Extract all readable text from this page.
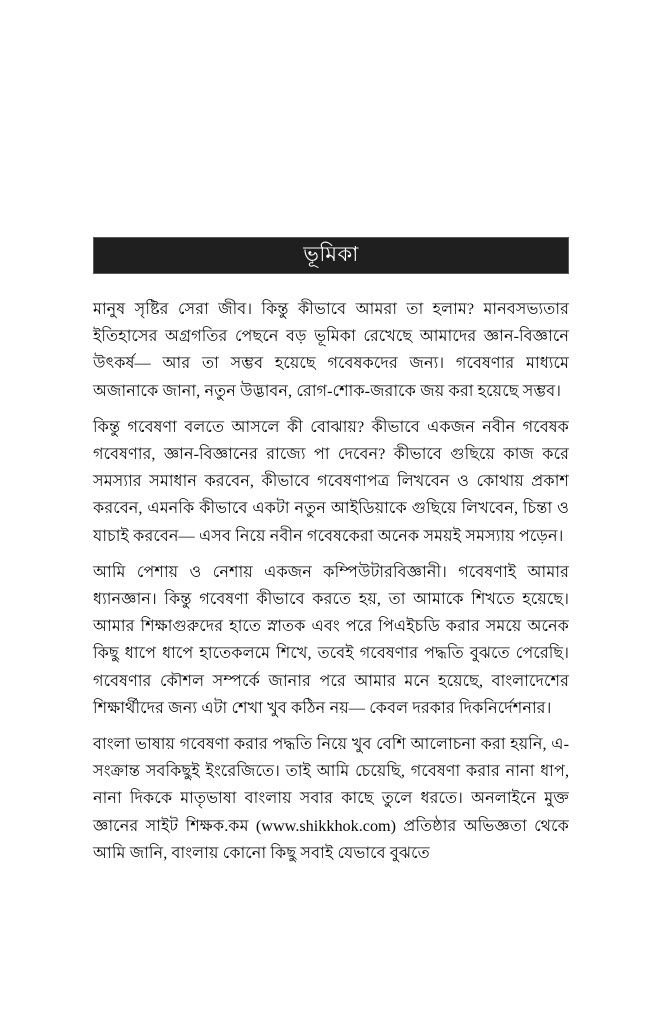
ভূমিকা

মানুষ সৃষ্টির সেরা জীব। কিন্তু কীভাবে আমরা তা হলাম? মানবসভ্যতার ইতিহাসের অগ্রগতির পেছনে বড় ভূমিকা রেখেছে আমাদের জ্ঞান-বিজ্ঞানে উৎকর্ষ— আর তা সম্ভব হয়েছে গবেষকদের জন্য। গবেষণার মাধ্যমে অজানাকে জানা, নতুন উদ্ভাবন, রোগ-শোক-জরাকে জয় করা হয়েছে সম্ভব।

কিন্তু গবেষণা বলতে আসলে কী বোঝায়? কীভাবে একজন নবীন গবেষক গবেষণার, জ্ঞান-বিজ্ঞানের রাজ্যে পা দেবেন? কীভাবে গুছিয়ে কাজ করে সমস্যার সমাধান করবেন, কীভাবে গবেষণাপত্র লিখবেন ও কোথায় প্রকাশ করবেন, এমনকি কীভাবে একটা নতুন আইডিয়াকে গুছিয়ে লিখবেন, চিন্তা ও যাচাই করবেন— এসব নিয়ে নবীন গবেষকেরা অনেক সময়ই সমস্যায় পড়েন।

আমি পেশায় ও নেশায় একজন কম্পিউটারবিজ্ঞানী। গবেষণাই আমার ধ্যানজ্ঞান। কিন্তু গবেষণা কীভাবে করতে হয়, তা আমাকে শিখতে হয়েছে। আমার শিক্ষাগুরুদের হাতে স্নাতক এবং পরে পিএইচডি করার সময়ে অনেক কিছু ধাপে ধাপে হাতেকলমে শিখে, তবেই গবেষণার পদ্ধতি বুঝতে পেরেছি। গবেষণার কৌশল সম্পর্কে জানার পরে আমার মনে হয়েছে, বাংলাদেশের শিক্ষার্থীদের জন্য এটা শেখা খুব কঠিন নয়— কেবল দরকার দিকনির্দেশনার।

বাংলা ভাষায় গবেষণা করার পদ্ধতি নিয়ে খুব বেশি আলোচনা করা হয়নি, এ-সংক্রান্ত সবকিছুই ইংরেজিতে। তাই আমি চেয়েছি, গবেষণা করার নানা ধাপ, নানা দিককে মাতৃভাষা বাংলায় সবার কাছে তুলে ধরতে। অনলাইনে মুক্ত জ্ঞানের সাইট শিক্ষক.কম (www.shikkhok.com) প্রতিষ্ঠার অভিজ্ঞতা থেকে আমি জানি, বাংলায় কোনো কিছু সবাই যেভাবে বুঝতে
